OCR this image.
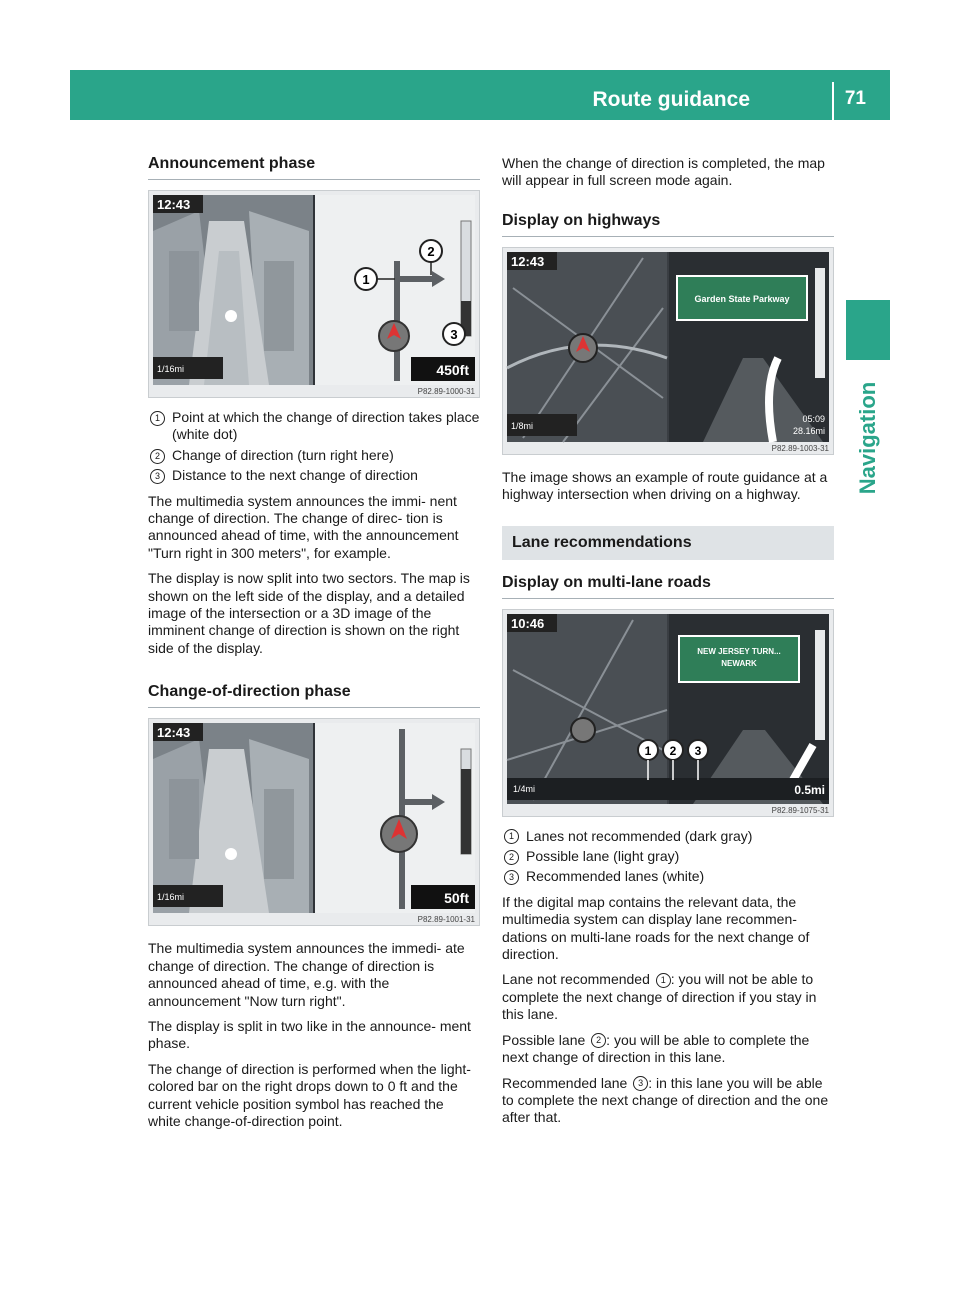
Route guidance	71
Navigation
Announcement phase
1
2
3
12:43
1/16mi	450ft
P82.89-1000-31
1 Point at which the change of direction takes place (white dot)
2 Change of direction (turn right here)
3 Distance to the next change of direction

The multimedia system announces the immi- nent change of direction. The change of direc- tion is announced ahead of time, with the announcement "Turn right in 300 meters", for example.

The display is now split into two sectors. The map is shown on the left side of the display, and a detailed image of the intersection or a 3D image of the imminent change of direction is shown on the right side of the display.

Change-of-direction phase
12:43
1/16mi	50ft
P82.89-1001-31

The multimedia system announces the immedi- ate change of direction. The change of direction is announced ahead of time, e.g. with the announcement "Now turn right".

The display is split in two like in the announce- ment phase.

The change of direction is performed when the light-colored bar on the right drops down to 0 ft and the current vehicle position symbol has reached the white change-of-direction point.

When the change of direction is completed, the map will appear in full screen mode again.

Display on highways
Garden State Parkway
12:43
1/8mi
05:09
28.16mi
P82.89-1003-31

The image shows an example of route guidance at a highway intersection when driving on a highway.

Lane recommendations
Display on multi-lane roads
NEW JERSEY TURN...
NEWARK
10:46
1/4mi	0.5mi
1 2 3
P82.89-1075-31
1 Lanes not recommended (dark gray)
2 Possible lane (light gray)
3 Recommended lanes (white)

If the digital map contains the relevant data, the multimedia system can display lane recommen- dations on multi-lane roads for the next change of direction.

Lane not recommended 1 : you will not be able to complete the next change of direction if you stay in this lane.

Possible lane 2 : you will be able to complete the next change of direction in this lane.

Recommended lane 3 : in this lane you will be able to complete the next change of direction and the one after that.
